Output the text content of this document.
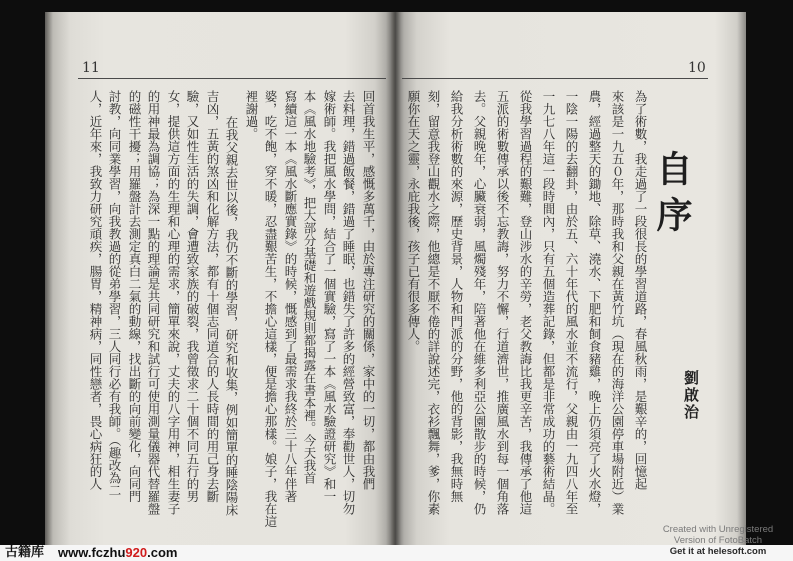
11	10
自序
劉啟治
為了術數，我走過了一段很長的學習道路，春風秋雨，是艱辛的，回憶起
來該是一九五０年，那時我和父親在黃竹坑（現在的海洋公園停車場附近）業
農，經過整天的鋤地、除草、澆水、下肥和飼食豬雞，晚上仍須亮了火水燈，
一陰一陽的去翻卦，由於五、六十年代的風水並不流行，父親由一九四八年至
一九七八年這一段時間內，只有五個造葬記錄，但都是非常成功的藝術結晶。
從我學習過程的艱難，登山涉水的辛勞，老父教誨比我更辛苦，我傳承了他這
五派的術數傳承以後不忘教誨，努力不懈，行道濟世，推廣風水到每一個角落
去。父親晚年，心臟衰弱，風燭殘年，陪著他在維多利亞公園散步的時候，仍
給我分析術數的來源，歷史背景，人物和門派的分野，他的背影，我無時無
刻，留意我登山觀水之際，他總是不厭不倦的詳說述完，衣衫飄舞，爹，你素
願你在天之靈，永庇我後，孩子已有很多傳人。
回首我生平，感慨多萬千，由於專注研究的關係，家中的一切，都由我們
去料理，錯過飯餐，錯過了睡眠，也錯失了許多的經營致富，奉勸世人，切勿
嫁術師。我把風水學問，結合了一個實驗，寫了一本《風水驗證研究》和一
本《風水地驗考》，把大部分基礎和遊戲規則都揭露在書本裡。今天我首
寫續這一本《風水斷應實錄》的時候，慨感到了最需求我終於三十八年伴著
婆，吃不飽，穿不暖，忍盡艱苦生，不擔心這樣，便是擔心那樣。娘子，我在這
裡謝過。
在我父親去世以後，我仍不斷的學習，研究和收集，例如簡單的睡陰陽床
吉凶，五黃的煞凶和化解方法，都有十個志同道合的人長時間的用己身去斷
驗，又如性生活的失調，會遭致家族的破裂，我曾徵求二十個不同五行的男
女，提供這方面的生理和心理的需求，簡單來說，丈夫的八字用神，相生妻子
的用神最為調協；為深一點的理論是共同研究和試行可使用測量儀器代替羅盤
的磁性干擾；用羅盤計去測定真白二氣的動線，找出斷的向前變化，向同門
討教，向同業學習，向我教過的從弟學習，三人同行必有我師。（趣改為二
人，近年來，我致力研究頑疾，腸胃，精神病，同性戀者，畏心病狂的人
古籍库 www.fczhu920.com
Created with Unregistered
Version of FotoBatch
Get it at helesoft.com
